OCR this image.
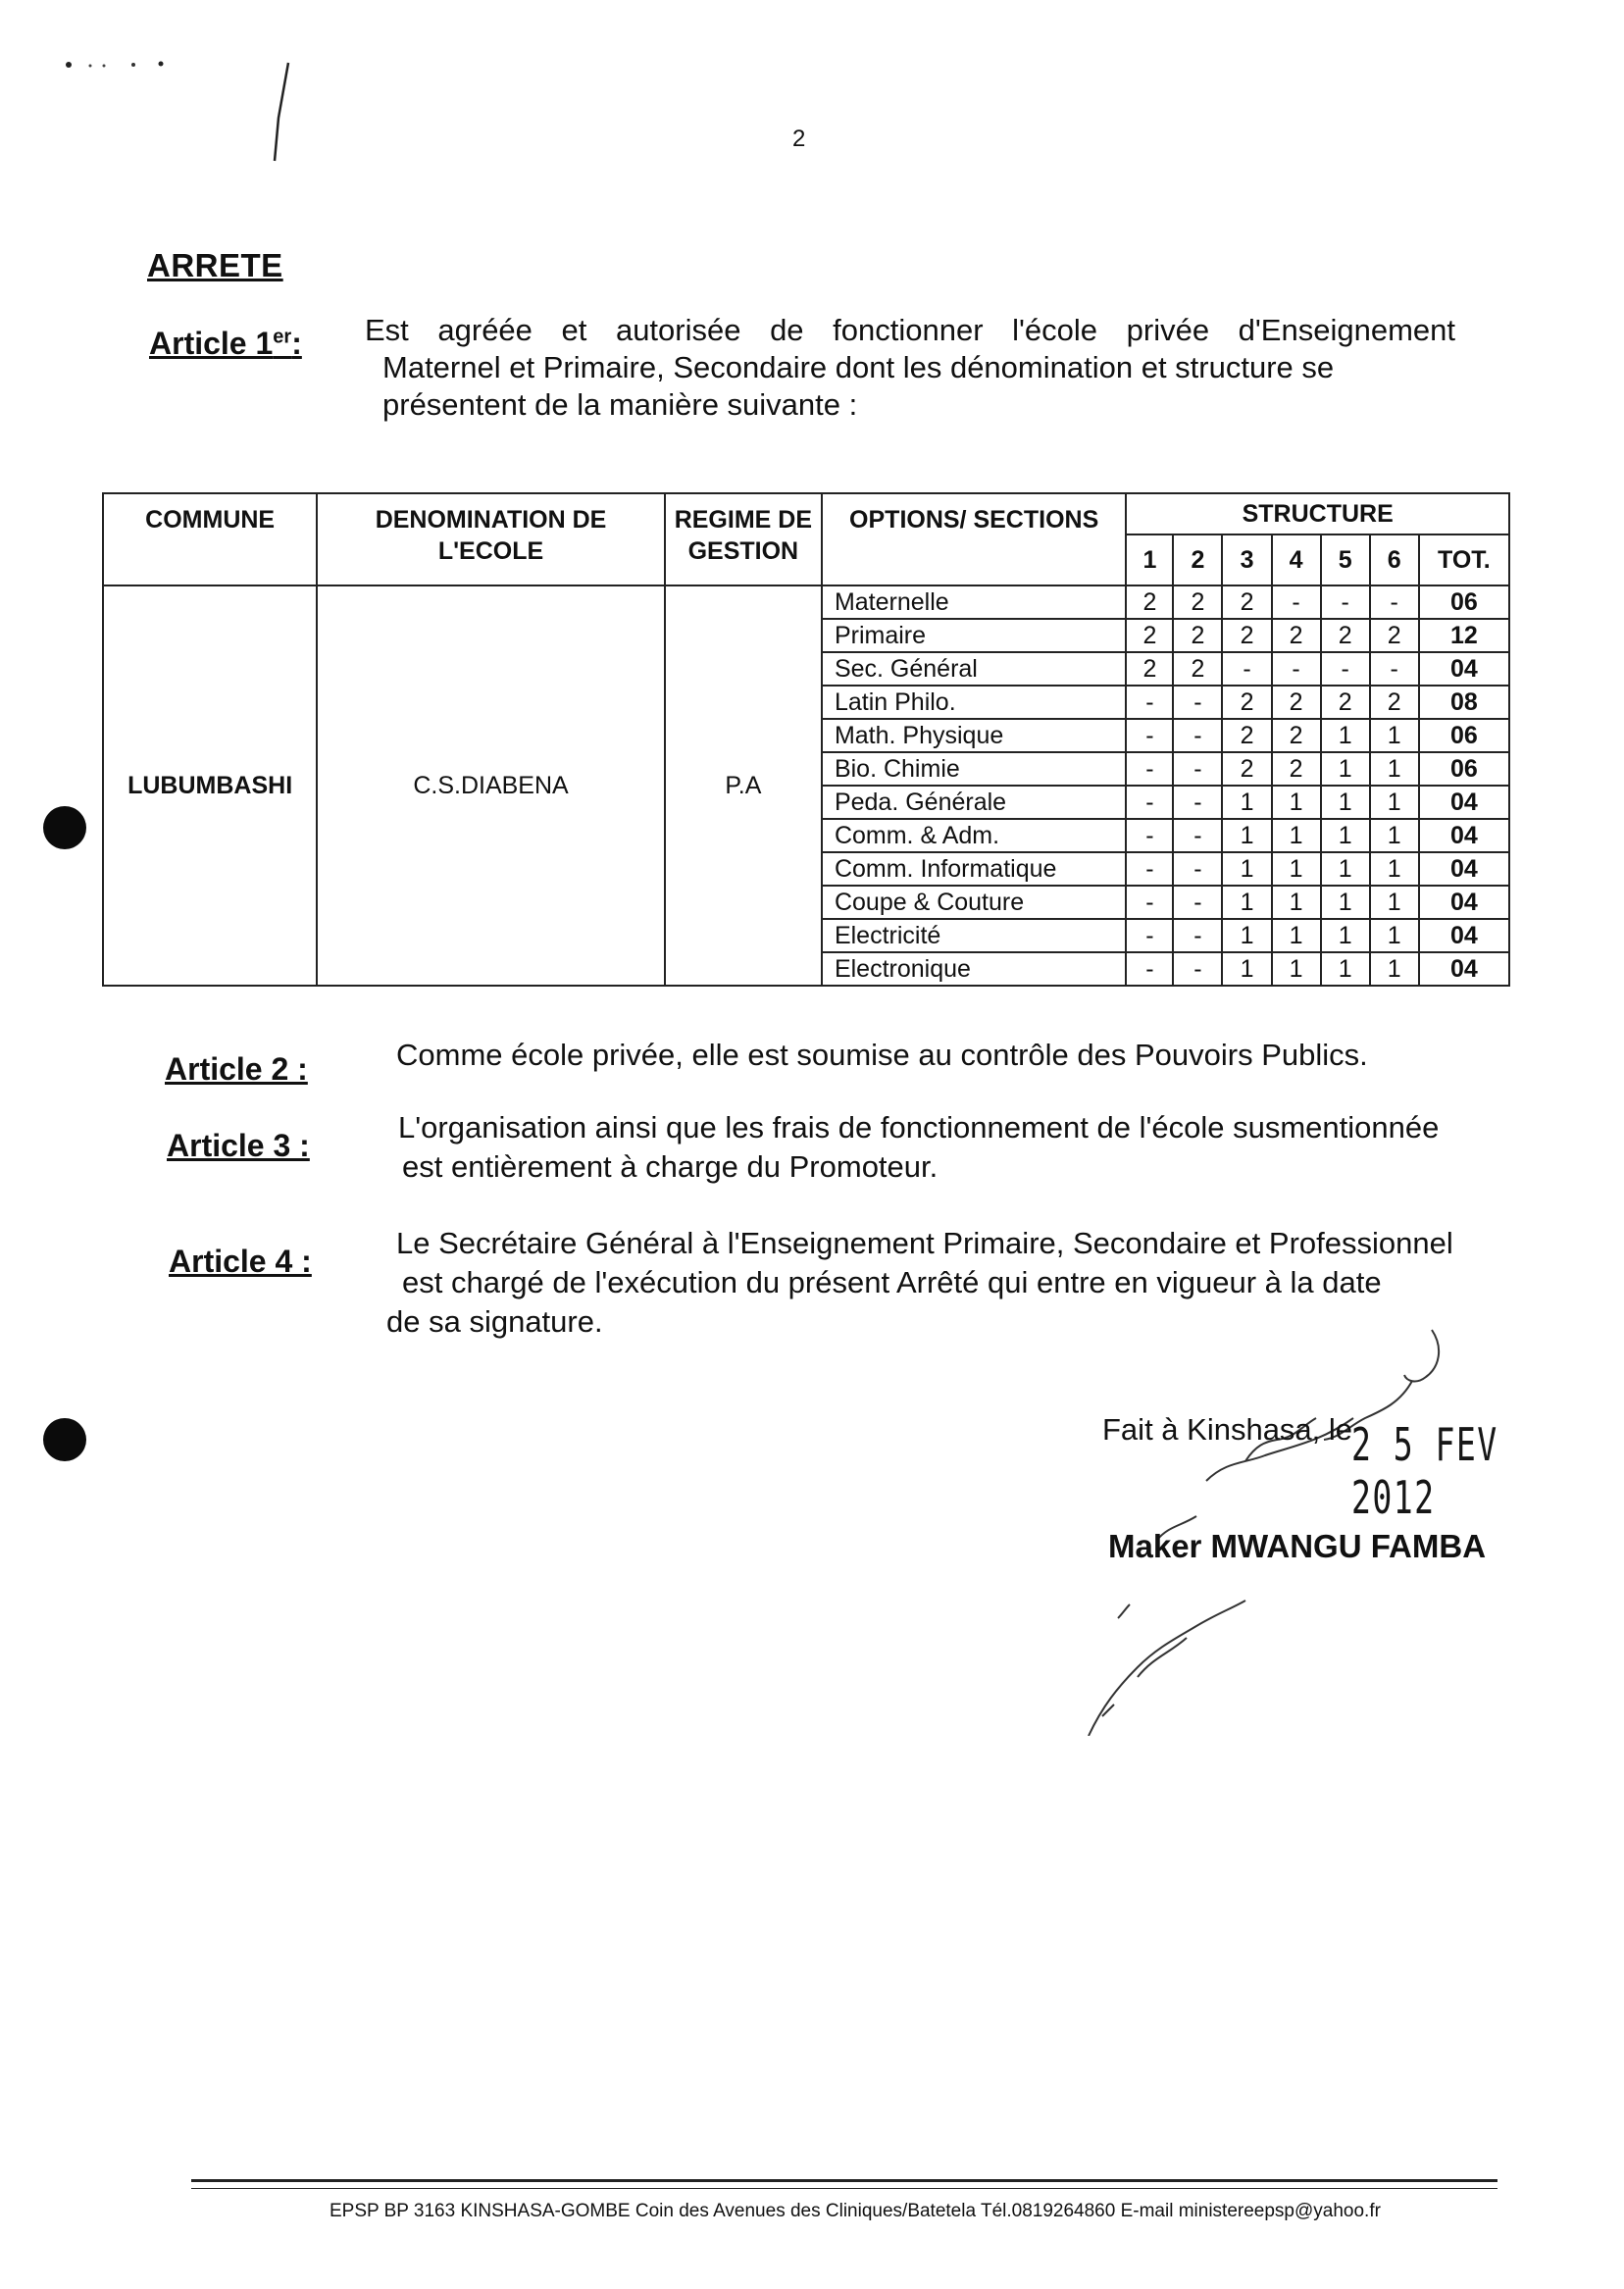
2
ARRETE
Article 1er: Est agréée et autorisée de fonctionner l'école privée d'Enseignement
Maternel et Primaire, Secondaire dont les dénomination et structure se
présentent de la manière suivante :
COMMUNE	DENOMINATION DE L'ECOLE	REGIME DE GESTION	OPTIONS/ SECTIONS	STRUCTURE						
				1	2	3	4	5	6	TOT.
LUBUMBASHI	C.S.DIABENA	P.A	Maternelle	2	2	2	-	-	-	06
			Primaire	2	2	2	2	2	2	12
			Sec. Général	2	2	-	-	-	-	04
			Latin Philo.	-	-	2	2	2	2	08
			Math. Physique	-	-	2	2	1	1	06
			Bio. Chimie	-	-	2	2	1	1	06
			Peda. Générale	-	-	1	1	1	1	04
			Comm. & Adm.	-	-	1	1	1	1	04
			Comm. Informatique	-	-	1	1	1	1	04
			Coupe & Couture	-	-	1	1	1	1	04
			Electricité	-	-	1	1	1	1	04
			Electronique	-	-	1	1	1	1	04
Article 2 :	Comme école privée, elle est soumise au contrôle des Pouvoirs Publics.
Article 3 :
L'organisation ainsi que les frais de fonctionnement de l'école susmentionnée
est entièrement à charge du Promoteur.
Article 4 :
Le Secrétaire Général à l'Enseignement Primaire, Secondaire et Professionnel
est chargé de l'exécution du présent Arrêté qui entre en vigueur à la date
de sa signature.
Fait à Kinshasa, le
2 5 FEV 2012
Maker MWANGU FAMBA
EPSP BP 3163 KINSHASA-GOMBE Coin des Avenues des Cliniques/Batetela Tél.0819264860 E-mail ministereepsp@yahoo.fr
